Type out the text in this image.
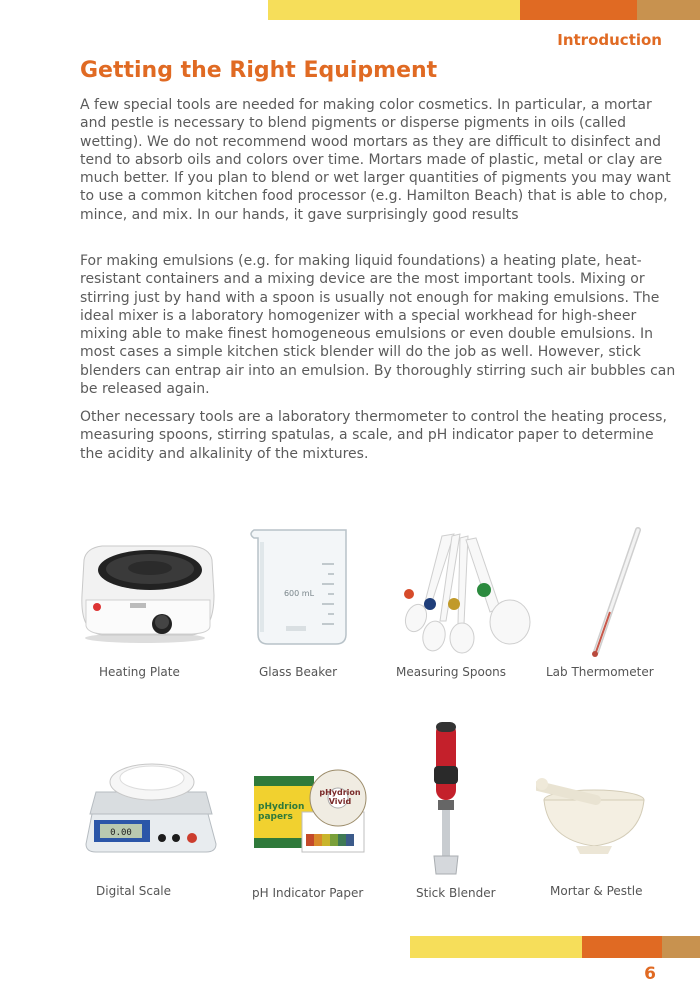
Introduction
Getting the Right Equipment

A few special tools are needed for making color cosmetics. In particular, a mortar and pestle is necessary to blend pigments or disperse pigments in oils (called wetting). We do not recommend wood mortars as they are difficult to disinfect and tend to absorb oils and colors over time. Mortars made of plastic, metal or clay are much better. If you plan to blend or wet larger quantities of pigments you may want to use a common kitchen food processor (e.g. Hamilton Beach) that is able to chop, mince, and mix. In our hands, it gave surprisingly good results

For making emulsions (e.g. for making liquid foundations) a heating plate, heat-resistant containers and a mixing device are the most important tools. Mixing or stirring just by hand with a spoon is usually not enough for making emulsions. The ideal mixer is a laboratory homogenizer with a special workhead for high-sheer mixing able to make finest homogeneous emulsions or even double emulsions. In most cases a simple kitchen stick blender will do the job as well. However, stick blenders can entrap air into an emulsion. By thoroughly stirring such air bubbles can be released again.

Other necessary tools are a laboratory thermometer to control the heating process, measuring spoons, stirring spatulas, a scale, and pH indicator paper to determine the acidity and alkalinity of the mixtures.

600 mL
Heating Plate	Glass Beaker	Measuring Spoons	Lab Thermometer
0.00
pHydrion papers
pHydrion Vivid
Digital Scale	pH Indicator Paper	Stick Blender	Mortar & Pestle
6
